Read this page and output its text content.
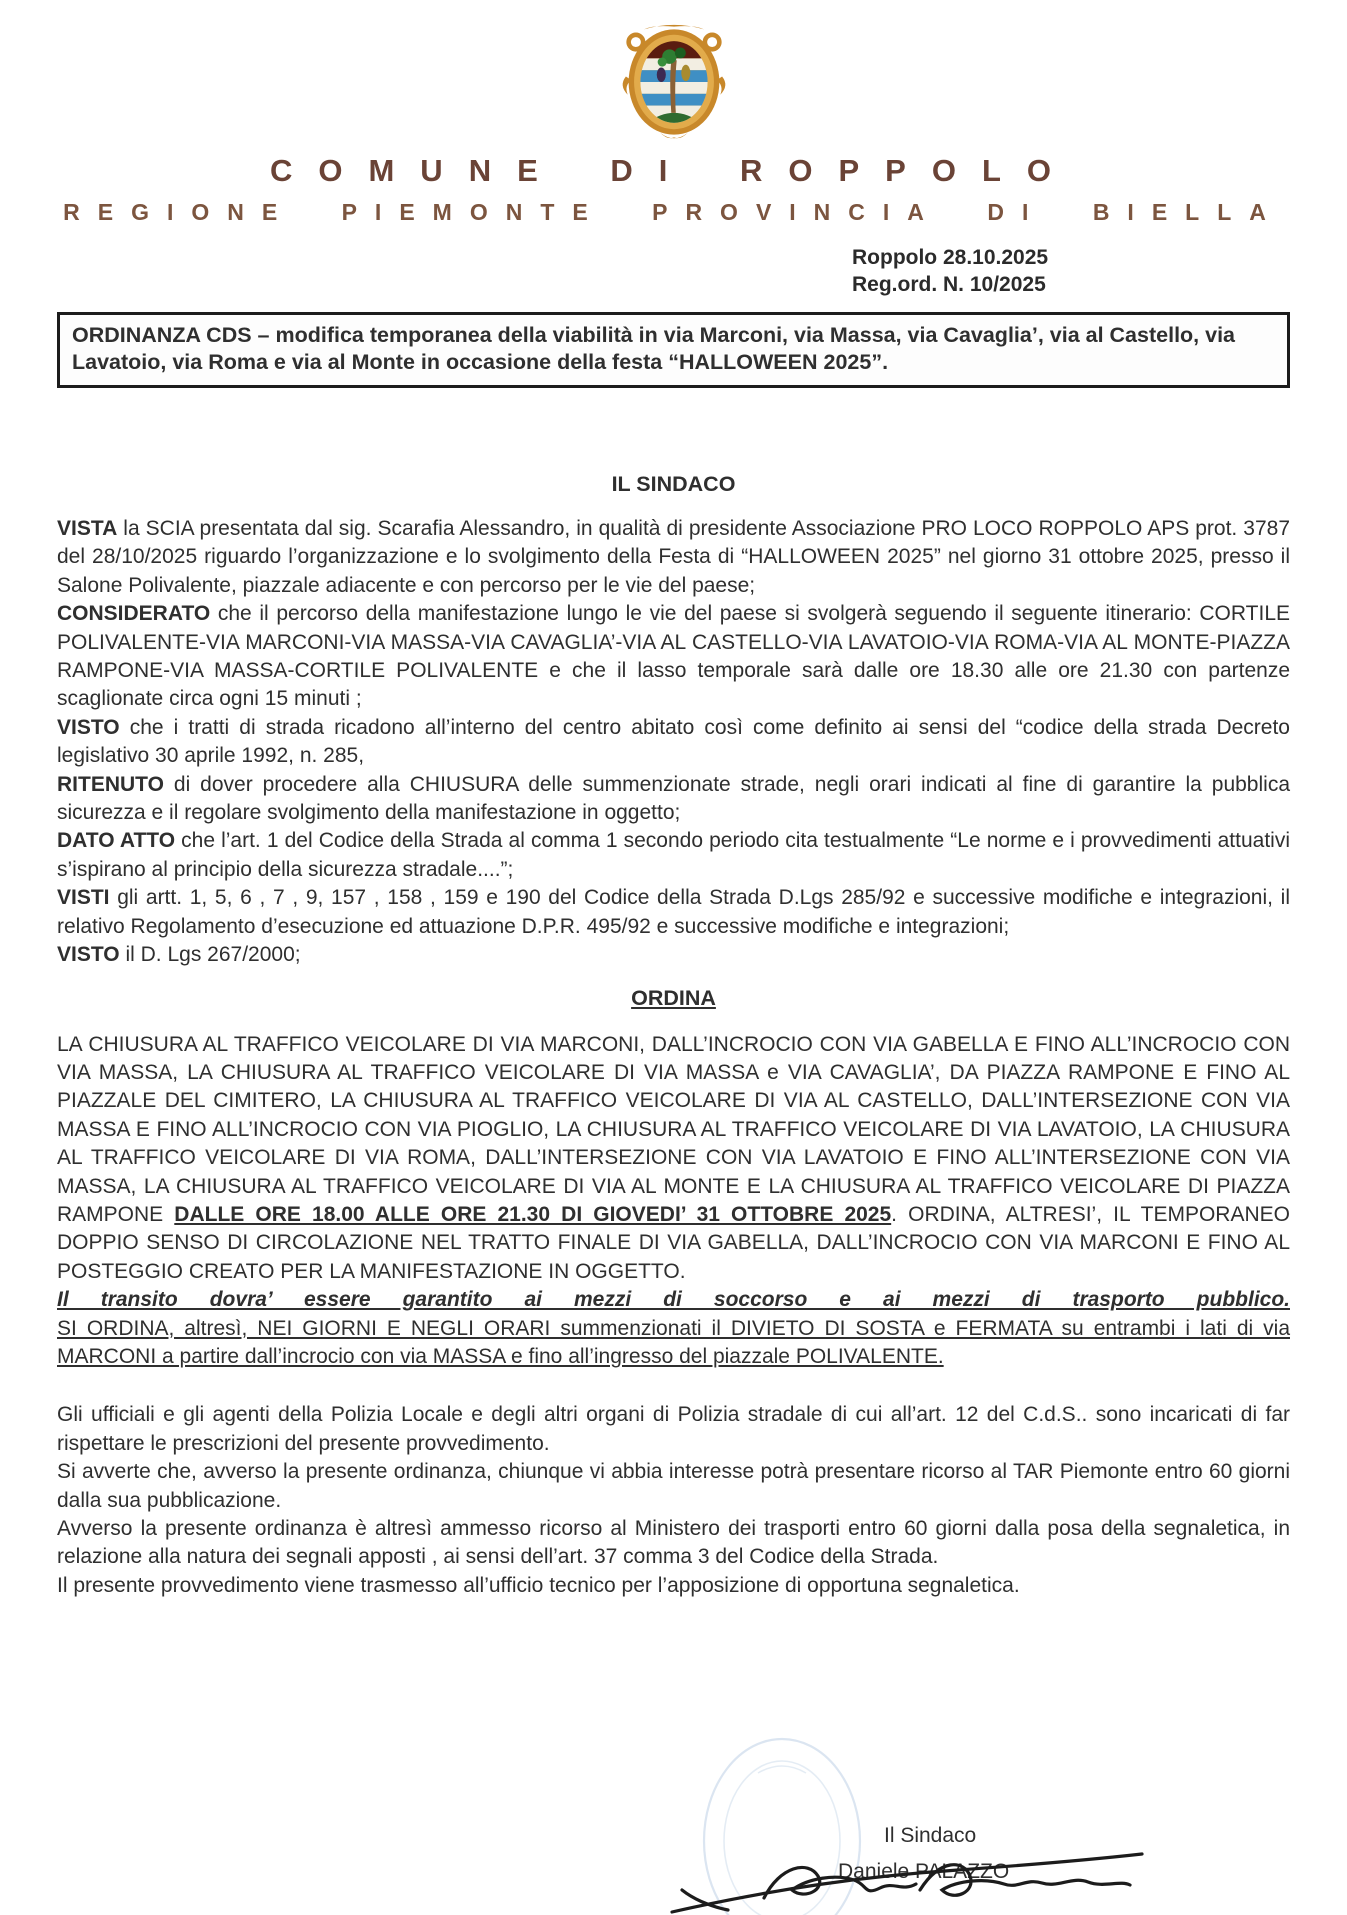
COMUNE DI ROPPOLO
REGIONE PIEMONTE PROVINCIA DI BIELLA
Roppolo 28.10.2025
Reg.ord. N. 10/2025
ORDINANZA CDS – modifica temporanea della viabilità in via Marconi, via Massa, via Cavaglia’, via al Castello, via Lavatoio, via Roma e via al Monte in occasione della festa “HALLOWEEN 2025”.
IL SINDACO

VISTA la SCIA presentata dal sig. Scarafia Alessandro, in qualità di presidente Associazione PRO LOCO ROPPOLO APS prot. 3787 del 28/10/2025 riguardo l’organizzazione e lo svolgimento della Festa di “HALLOWEEN 2025” nel giorno 31 ottobre 2025, presso il Salone Polivalente, piazzale adiacente e con percorso per le vie del paese;

CONSIDERATO che il percorso della manifestazione lungo le vie del paese si svolgerà seguendo il seguente itinerario: CORTILE POLIVALENTE-VIA MARCONI-VIA MASSA-VIA CAVAGLIA’-VIA AL CASTELLO-VIA LAVATOIO-VIA ROMA-VIA AL MONTE-PIAZZA RAMPONE-VIA MASSA-CORTILE POLIVALENTE e che il lasso temporale sarà dalle ore 18.30 alle ore 21.30 con partenze scaglionate circa ogni 15 minuti ;

VISTO che i tratti di strada ricadono all’interno del centro abitato così come definito ai sensi del “codice della strada Decreto legislativo 30 aprile 1992, n. 285,

RITENUTO di dover procedere alla CHIUSURA delle summenzionate strade, negli orari indicati al fine di garantire la pubblica sicurezza e il regolare svolgimento della manifestazione in oggetto;

DATO ATTO che l’art. 1 del Codice della Strada al comma 1 secondo periodo cita testualmente “Le norme e i provvedimenti attuativi s’ispirano al principio della sicurezza stradale....”;

VISTI gli artt. 1, 5, 6 , 7 , 9, 157 , 158 , 159 e 190 del Codice della Strada D.Lgs 285/92 e successive modifiche e integrazioni, il relativo Regolamento d’esecuzione ed attuazione D.P.R. 495/92 e successive modifiche e integrazioni;

VISTO il D. Lgs 267/2000;

ORDINA

LA CHIUSURA AL TRAFFICO VEICOLARE DI VIA MARCONI, DALL’INCROCIO CON VIA GABELLA E FINO ALL’INCROCIO CON VIA MASSA, LA CHIUSURA AL TRAFFICO VEICOLARE DI VIA MASSA e VIA CAVAGLIA’, DA PIAZZA RAMPONE E FINO AL PIAZZALE DEL CIMITERO, LA CHIUSURA AL TRAFFICO VEICOLARE DI VIA AL CASTELLO, DALL’INTERSEZIONE CON VIA MASSA E FINO ALL’INCROCIO CON VIA PIOGLIO, LA CHIUSURA AL TRAFFICO VEICOLARE DI VIA LAVATOIO, LA CHIUSURA AL TRAFFICO VEICOLARE DI VIA ROMA, DALL’INTERSEZIONE CON VIA LAVATOIO E FINO ALL’INTERSEZIONE CON VIA MASSA, LA CHIUSURA AL TRAFFICO VEICOLARE DI VIA AL MONTE E LA CHIUSURA AL TRAFFICO VEICOLARE DI PIAZZA RAMPONE DALLE ORE 18.00 ALLE ORE 21.30 DI GIOVEDI’ 31 OTTOBRE 2025. ORDINA, ALTRESI’, IL TEMPORANEO DOPPIO SENSO DI CIRCOLAZIONE NEL TRATTO FINALE DI VIA GABELLA, DALL’INCROCIO CON VIA MARCONI E FINO AL POSTEGGIO CREATO PER LA MANIFESTAZIONE IN OGGETTO.

Il transito dovra’ essere garantito ai mezzi di soccorso e ai mezzi di trasporto pubblico.

SI ORDINA, altresì, NEI GIORNI E NEGLI ORARI summenzionati il DIVIETO DI SOSTA e FERMATA su entrambi i lati di via MARCONI a partire dall’incrocio con via MASSA e fino all’ingresso del piazzale POLIVALENTE.

Gli ufficiali e gli agenti della Polizia Locale e degli altri organi di Polizia stradale di cui all’art. 12 del C.d.S.. sono incaricati di far rispettare le prescrizioni del presente provvedimento.

Si avverte che, avverso la presente ordinanza, chiunque vi abbia interesse potrà presentare ricorso al TAR Piemonte entro 60 giorni dalla sua pubblicazione.

Avverso la presente ordinanza è altresì ammesso ricorso al Ministero dei trasporti entro 60 giorni dalla posa della segnaletica, in relazione alla natura dei segnali apposti , ai sensi dell’art. 37 comma 3 del Codice della Strada.

Il presente provvedimento viene trasmesso all’ufficio tecnico per l’apposizione di opportuna segnaletica.

Il Sindaco
Daniele PALAZZO
